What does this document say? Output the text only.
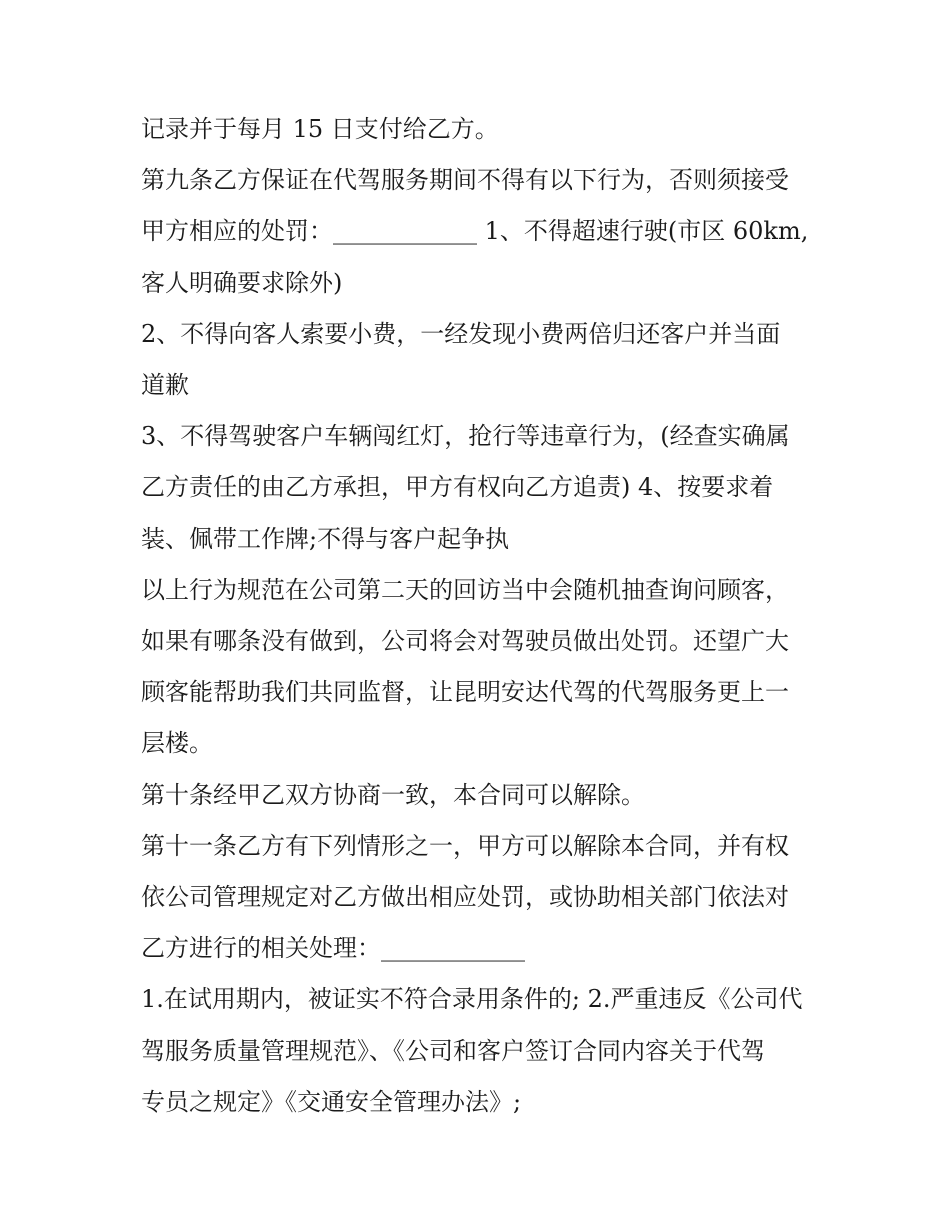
记录并于每月 15 日支付给乙方。

第九条乙方保证在代驾服务期间不得有以下行为，否则须接受

甲方相应的处罚：____________ 1、不得超速行驶(市区 60km,

客人明确要求除外)

2、不得向客人索要小费，一经发现小费两倍归还客户并当面

道歉

3、不得驾驶客户车辆闯红灯，抢行等违章行为，(经查实确属

乙方责任的由乙方承担，甲方有权向乙方追责) 4、按要求着

装、佩带工作牌;不得与客户起争执

以上行为规范在公司第二天的回访当中会随机抽查询问顾客，

如果有哪条没有做到，公司将会对驾驶员做出处罚。还望广大

顾客能帮助我们共同监督，让昆明安达代驾的代驾服务更上一

层楼。

第十条经甲乙双方协商一致，本合同可以解除。

第十一条乙方有下列情形之一，甲方可以解除本合同，并有权

依公司管理规定对乙方做出相应处罚，或协助相关部门依法对

乙方进行的相关处理：____________

1.在试用期内，被证实不符合录用条件的; 2.严重违反《公司代

驾服务质量管理规范》、《公司和客户签订合同内容关于代驾

专员之规定》《交通安全管理办法》;
